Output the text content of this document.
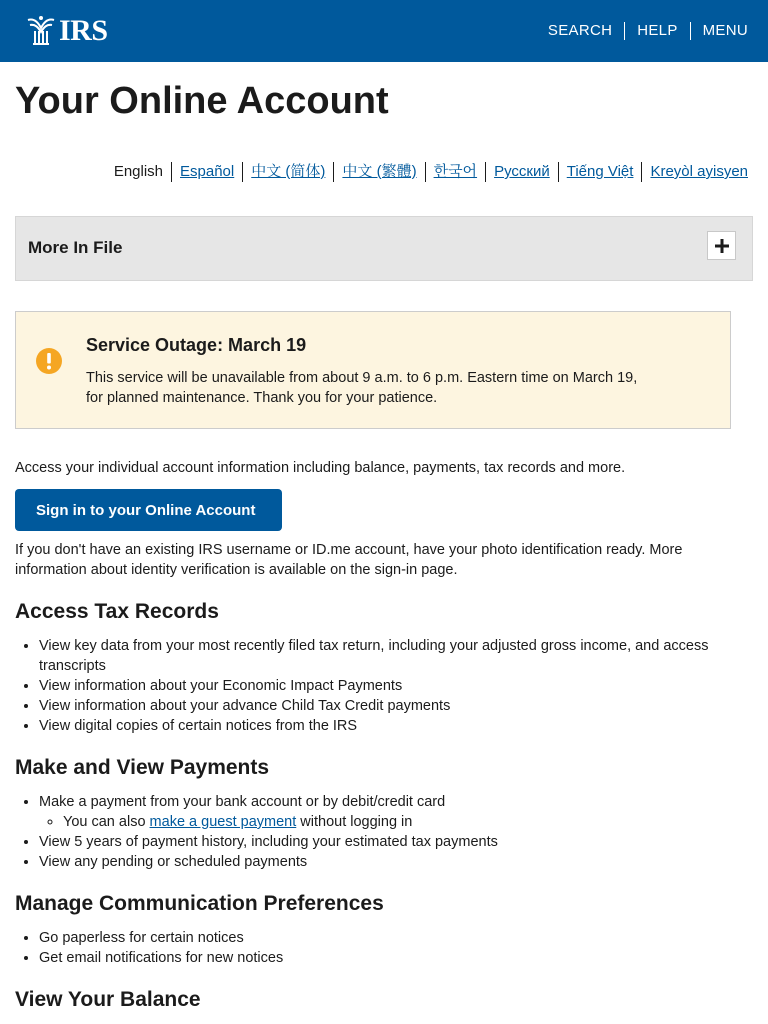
IRS	SEARCH	HELP	MENU
Your Online Account
English	Español	中文 (简体)	中文 (繁體)	한국어	Русский	Tiếng Việt	Kreyòl ayisyen
More In File
Service Outage: March 19
This service will be unavailable from about 9 a.m. to 6 p.m. Eastern time on March 19, for planned maintenance. Thank you for your patience.

Access your individual account information including balance, payments, tax records and more.

Sign in to your Online Account

If you don't have an existing IRS username or ID.me account, have your photo identification ready. More information about identity verification is available on the sign-in page.

Access Tax Records
• View key data from your most recently filed tax return, including your adjusted gross income, and access transcripts
• View information about your Economic Impact Payments
• View information about your advance Child Tax Credit payments
• View digital copies of certain notices from the IRS
Make and View Payments
• Make a payment from your bank account or by debit/credit card
◦ You can also make a guest payment without logging in
• View 5 years of payment history, including your estimated tax payments
• View any pending or scheduled payments
Manage Communication Preferences
• Go paperless for certain notices
• Get email notifications for new notices
View Your Balance
